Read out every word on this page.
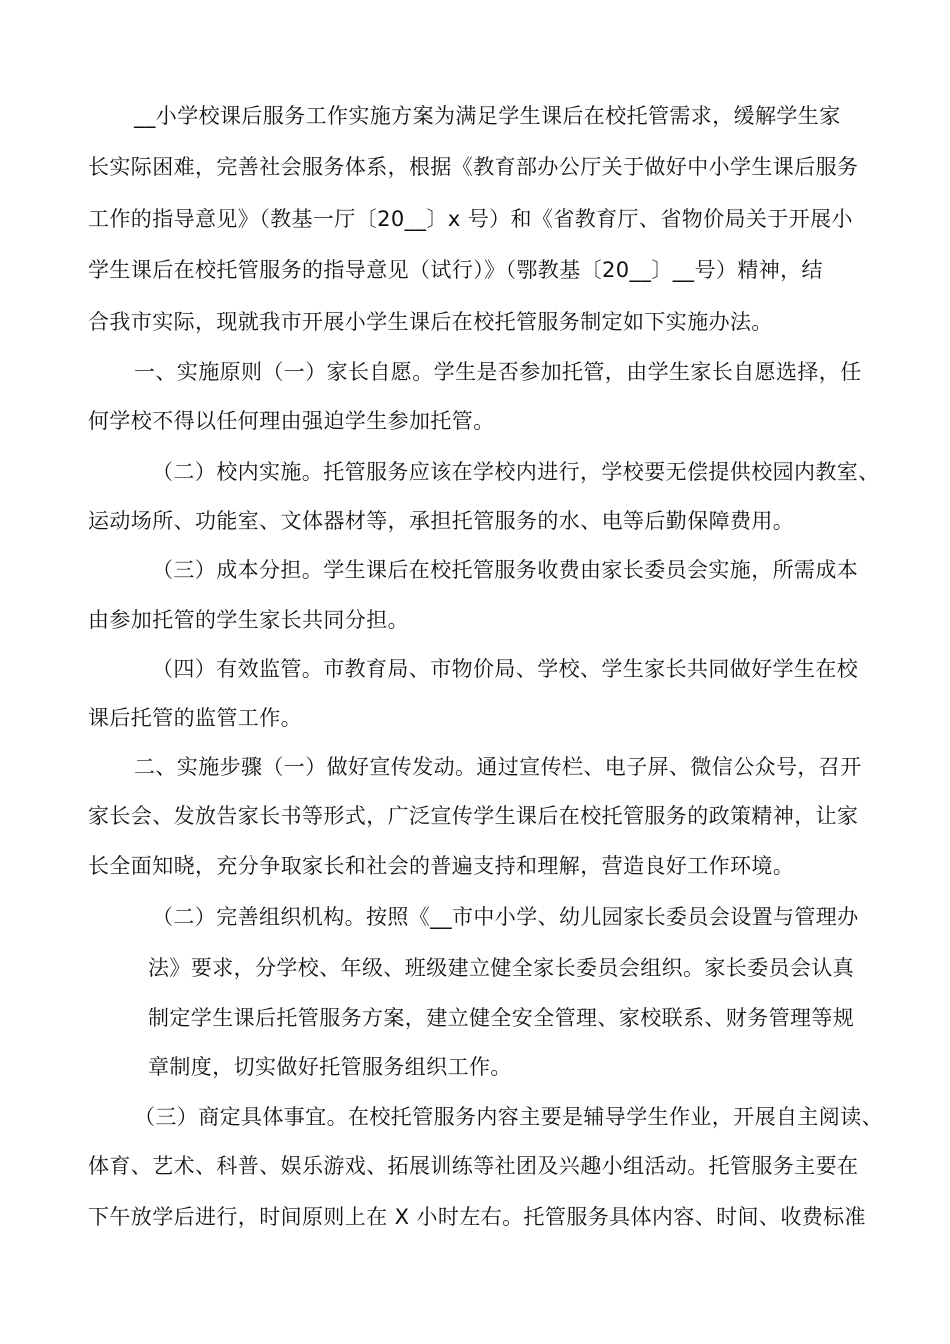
__小学校课后服务工作实施方案为满足学生课后在校托管需求，缓解学生家
长实际困难，完善社会服务体系，根据《教育部办公厅关于做好中小学生课后服务
工作的指导意见》（教基一厅〔20__〕x 号）和《省教育厅、省物价局关于开展小
学生课后在校托管服务的指导意见（试行）》（鄂教基〔20__〕__号）精神，结
合我市实际，现就我市开展小学生课后在校托管服务制定如下实施办法。
一、实施原则（一）家长自愿。学生是否参加托管，由学生家长自愿选择，任
何学校不得以任何理由强迫学生参加托管。
（二）校内实施。托管服务应该在学校内进行，学校要无偿提供校园内教室、
运动场所、功能室、文体器材等，承担托管服务的水、电等后勤保障费用。
（三）成本分担。学生课后在校托管服务收费由家长委员会实施，所需成本
由参加托管的学生家长共同分担。
（四）有效监管。市教育局、市物价局、学校、学生家长共同做好学生在校
课后托管的监管工作。
二、实施步骤（一）做好宣传发动。通过宣传栏、电子屏、微信公众号，召开
家长会、发放告家长书等形式，广泛宣传学生课后在校托管服务的政策精神，让家
长全面知晓，充分争取家长和社会的普遍支持和理解，营造良好工作环境。
（二）完善组织机构。按照《__市中小学、幼儿园家长委员会设置与管理办
法》要求，分学校、年级、班级建立健全家长委员会组织。家长委员会认真
制定学生课后托管服务方案，建立健全安全管理、家校联系、财务管理等规
章制度，切实做好托管服务组织工作。
（三）商定具体事宜。在校托管服务内容主要是辅导学生作业，开展自主阅读、
体育、艺术、科普、娱乐游戏、拓展训练等社团及兴趣小组活动。托管服务主要在
下午放学后进行，时间原则上在 X 小时左右。托管服务具体内容、时间、收费标准
